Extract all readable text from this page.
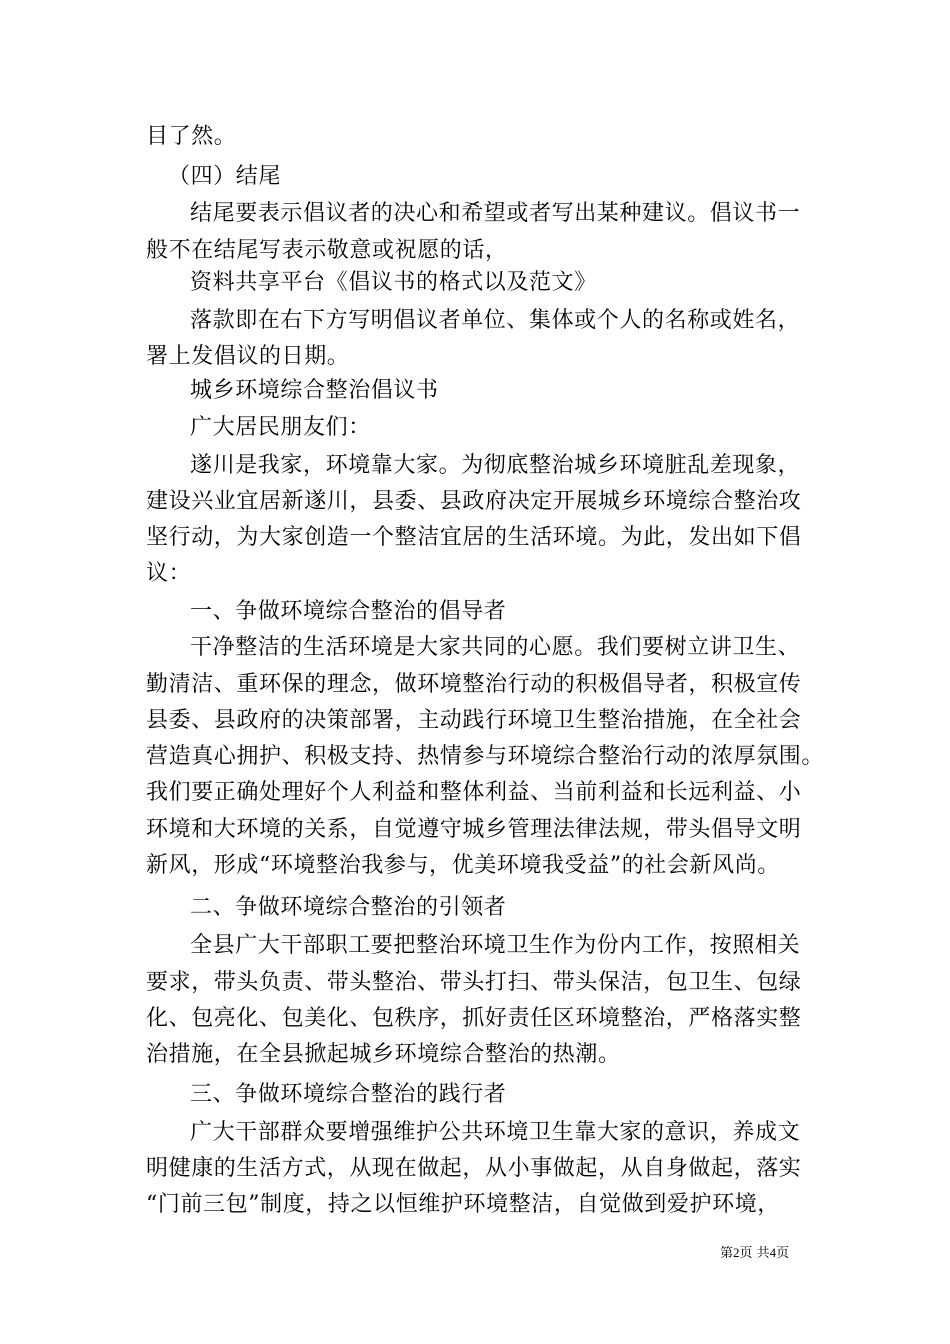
目了然。
（四）结尾
结尾要表示倡议者的决心和希望或者写出某种建议。倡议书一
般不在结尾写表示敬意或祝愿的话，
资料共享平台《倡议书的格式以及范文》
落款即在右下方写明倡议者单位、集体或个人的名称或姓名，
署上发倡议的日期。
城乡环境综合整治倡议书
广大居民朋友们：
遂川是我家，环境靠大家。为彻底整治城乡环境脏乱差现象，
建设兴业宜居新遂川，县委、县政府决定开展城乡环境综合整治攻
坚行动，为大家创造一个整洁宜居的生活环境。为此，发出如下倡
议：
一、争做环境综合整治的倡导者
干净整洁的生活环境是大家共同的心愿。我们要树立讲卫生、
勤清洁、重环保的理念，做环境整治行动的积极倡导者，积极宣传
县委、县政府的决策部署，主动践行环境卫生整治措施，在全社会
营造真心拥护、积极支持、热情参与环境综合整治行动的浓厚氛围。
我们要正确处理好个人利益和整体利益、当前利益和长远利益、小
环境和大环境的关系，自觉遵守城乡管理法律法规，带头倡导文明
新风，形成“环境整治我参与，优美环境我受益”的社会新风尚。
二、争做环境综合整治的引领者
全县广大干部职工要把整治环境卫生作为份内工作，按照相关
要求，带头负责、带头整治、带头打扫、带头保洁，包卫生、包绿
化、包亮化、包美化、包秩序，抓好责任区环境整治，严格落实整
治措施，在全县掀起城乡环境综合整治的热潮。
三、争做环境综合整治的践行者
广大干部群众要增强维护公共环境卫生靠大家的意识，养成文
明健康的生活方式，从现在做起，从小事做起，从自身做起，落实
“门前三包”制度，持之以恒维护环境整洁，自觉做到爱护环境，
第2页 共4页
